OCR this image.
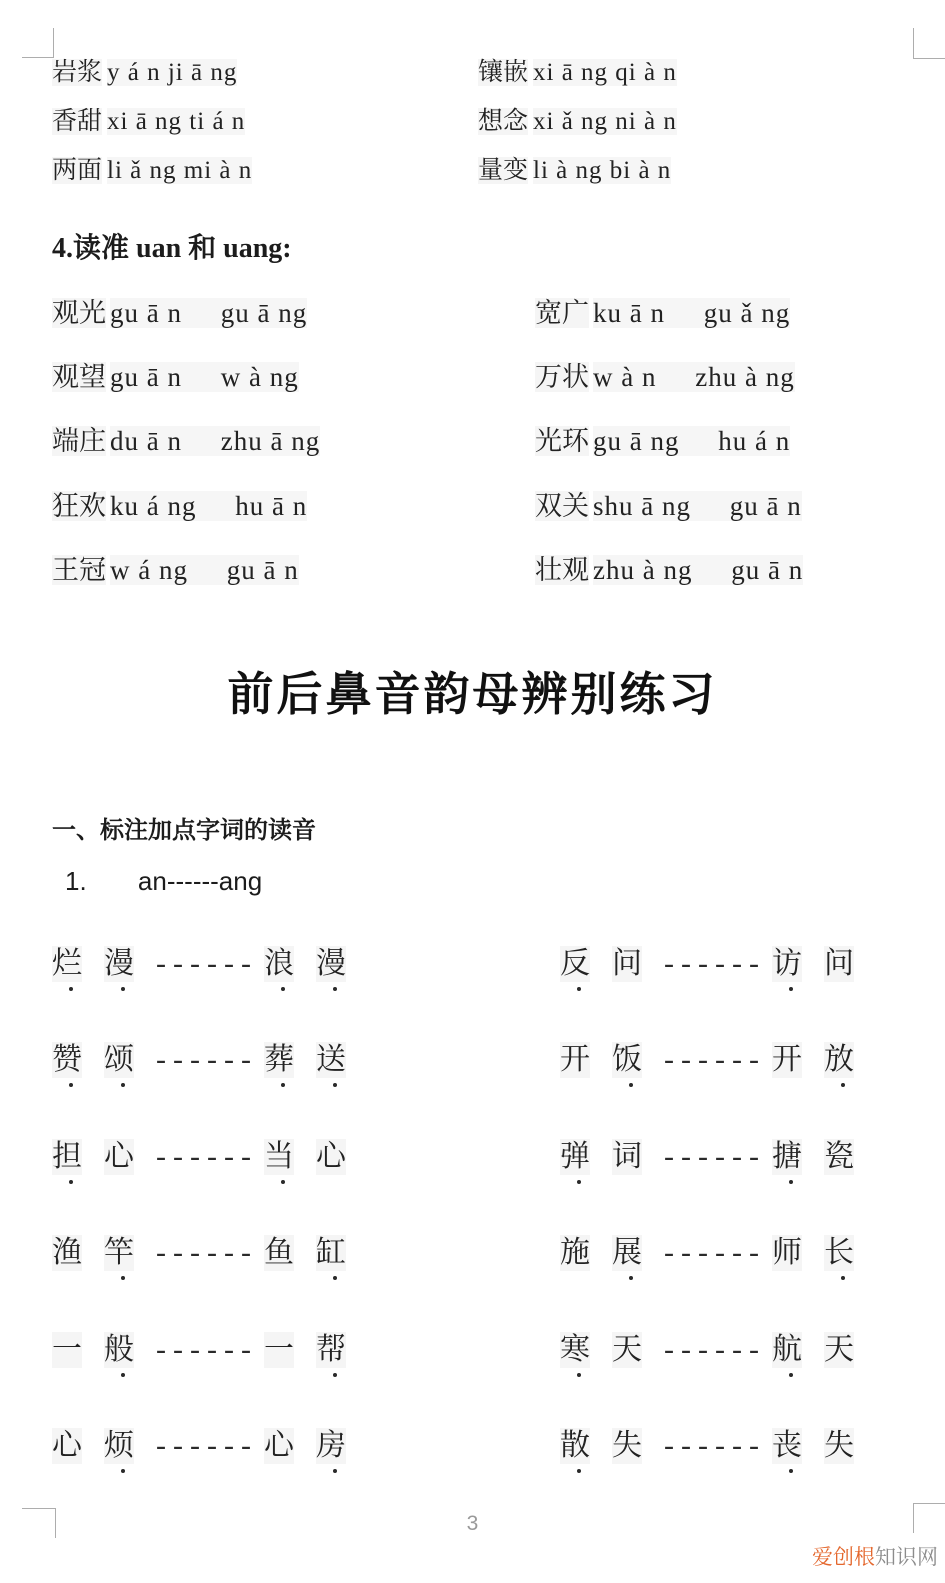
岩浆 y á n ji ā ng	镶嵌 xi ā ng qi à n
香甜 xi ā ng ti á n	想念 xi ǎ ng ni à n
两面 li ǎ ng mi à n	量变 li à ng bi à n
4.读准 uan 和 uang:
观光 gu ā n     gu ā ng	宽广 ku ā n     gu ǎ ng
观望 gu ā n     w à ng	万状 w à n     zhu à ng
端庄 du ā n     zhu ā ng	光环 gu ā ng     hu á n
狂欢 ku á ng     hu ā n	双关 shu ā ng     gu ā n
王冠 w á ng     gu ā n	壮观 zhu à ng     gu ā n
前后鼻音韵母辨别练习
一、标注加点字词的读音
1. an------ang
烂 漫 ------ 浪 漫	反 问 ------ 访 问
赞 颂 ------ 葬 送	开 饭 ------ 开 放
担 心 ------ 当 心	弹 词 ------ 搪 瓷
渔 竿 ------ 鱼 缸	施 展 ------ 师 长
一 般 ------ 一 帮	寒 天 ------ 航 天
心 烦 ------ 心 房	散 失 ------ 丧 失
3
爱创根知识网
